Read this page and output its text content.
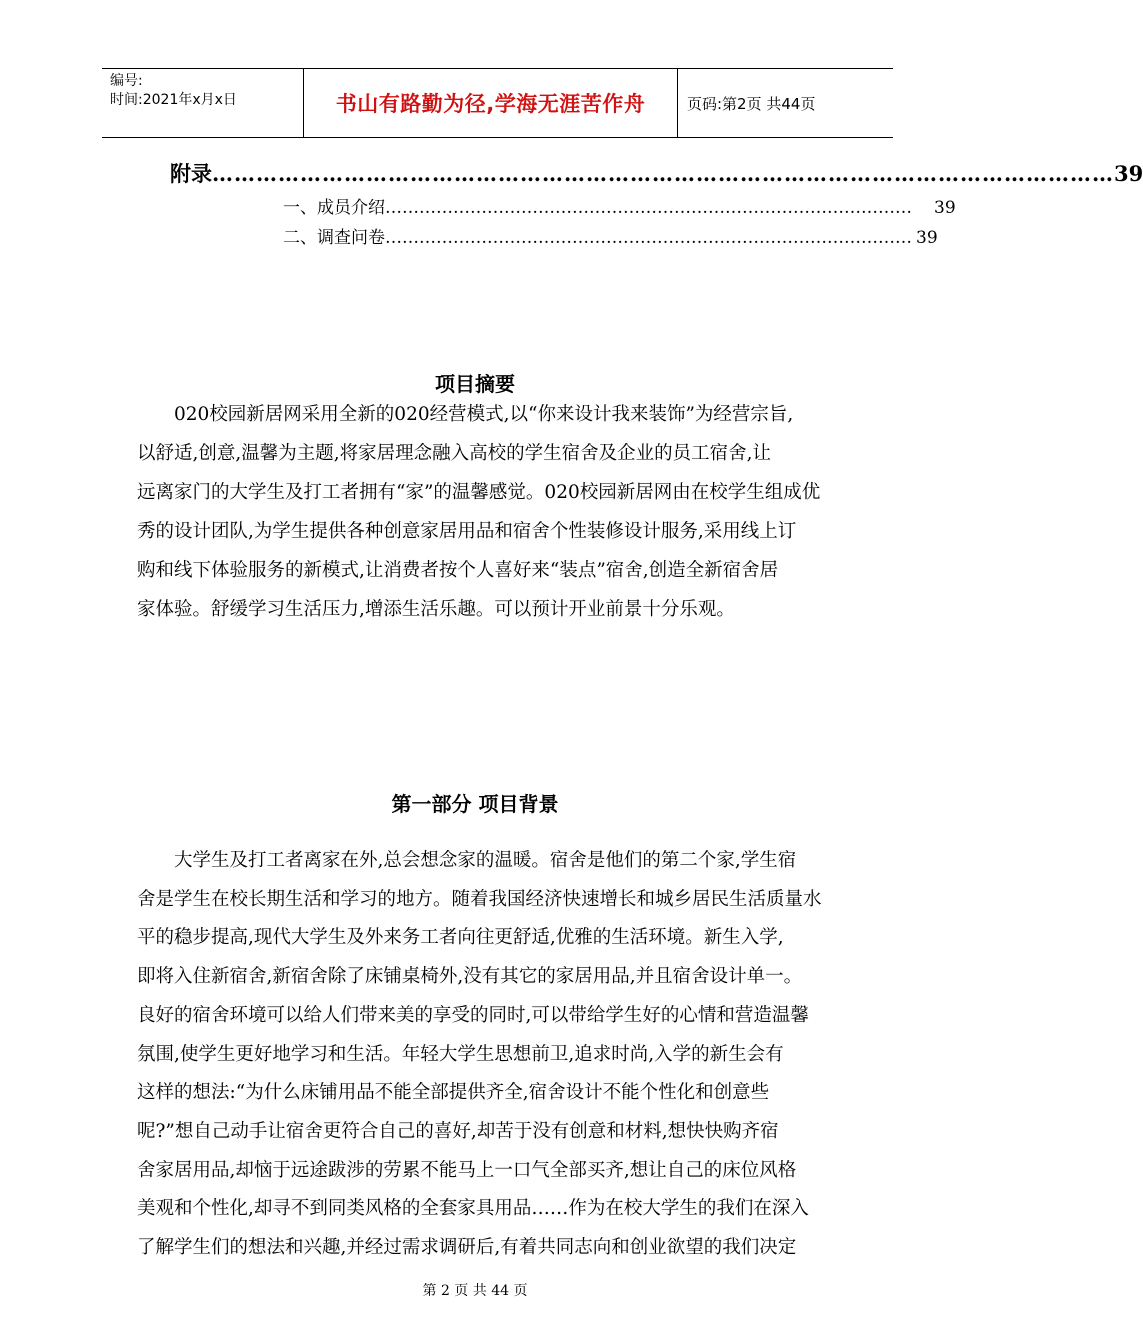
编号:
时间:2021年x月x日	书山有路勤为径,学海无涯苦作舟	页码:第2页 共44页
附录 …………………………………………………………………………………………………………… 39
一、成员介绍 …………………………………………………………………………………	39
二、调查问卷 ………………………………………………………………………………… 39
项目摘要
020校园新居网采用全新的020经营模式,以“你来设计我来装饰”为经营宗旨,
以舒适,创意,温馨为主题,将家居理念融入高校的学生宿舍及企业的员工宿舍,让
远离家门的大学生及打工者拥有“家”的温馨感觉。020校园新居网由在校学生组成优
秀的设计团队,为学生提供各种创意家居用品和宿舍个性装修设计服务,采用线上订
购和线下体验服务的新模式,让消费者按个人喜好来“装点”宿舍,创造全新宿舍居
家体验。舒缓学习生活压力,增添生活乐趣。可以预计开业前景十分乐观。
第一部分 项目背景
大学生及打工者离家在外,总会想念家的温暖。宿舍是他们的第二个家,学生宿
舍是学生在校长期生活和学习的地方。随着我国经济快速增长和城乡居民生活质量水
平的稳步提高,现代大学生及外来务工者向往更舒适,优雅的生活环境。新生入学,
即将入住新宿舍,新宿舍除了床铺桌椅外,没有其它的家居用品,并且宿舍设计单一。
良好的宿舍环境可以给人们带来美的享受的同时,可以带给学生好的心情和营造温馨
氛围,使学生更好地学习和生活。年轻大学生思想前卫,追求时尚,入学的新生会有
这样的想法:“为什么床铺用品不能全部提供齐全,宿舍设计不能个性化和创意些
呢?”想自己动手让宿舍更符合自己的喜好,却苦于没有创意和材料,想快快购齐宿
舍家居用品,却恼于远途跋涉的劳累不能马上一口气全部买齐,想让自己的床位风格
美观和个性化,却寻不到同类风格的全套家具用品……作为在校大学生的我们在深入
了解学生们的想法和兴趣,并经过需求调研后,有着共同志向和创业欲望的我们决定
第 2 页 共 44 页
